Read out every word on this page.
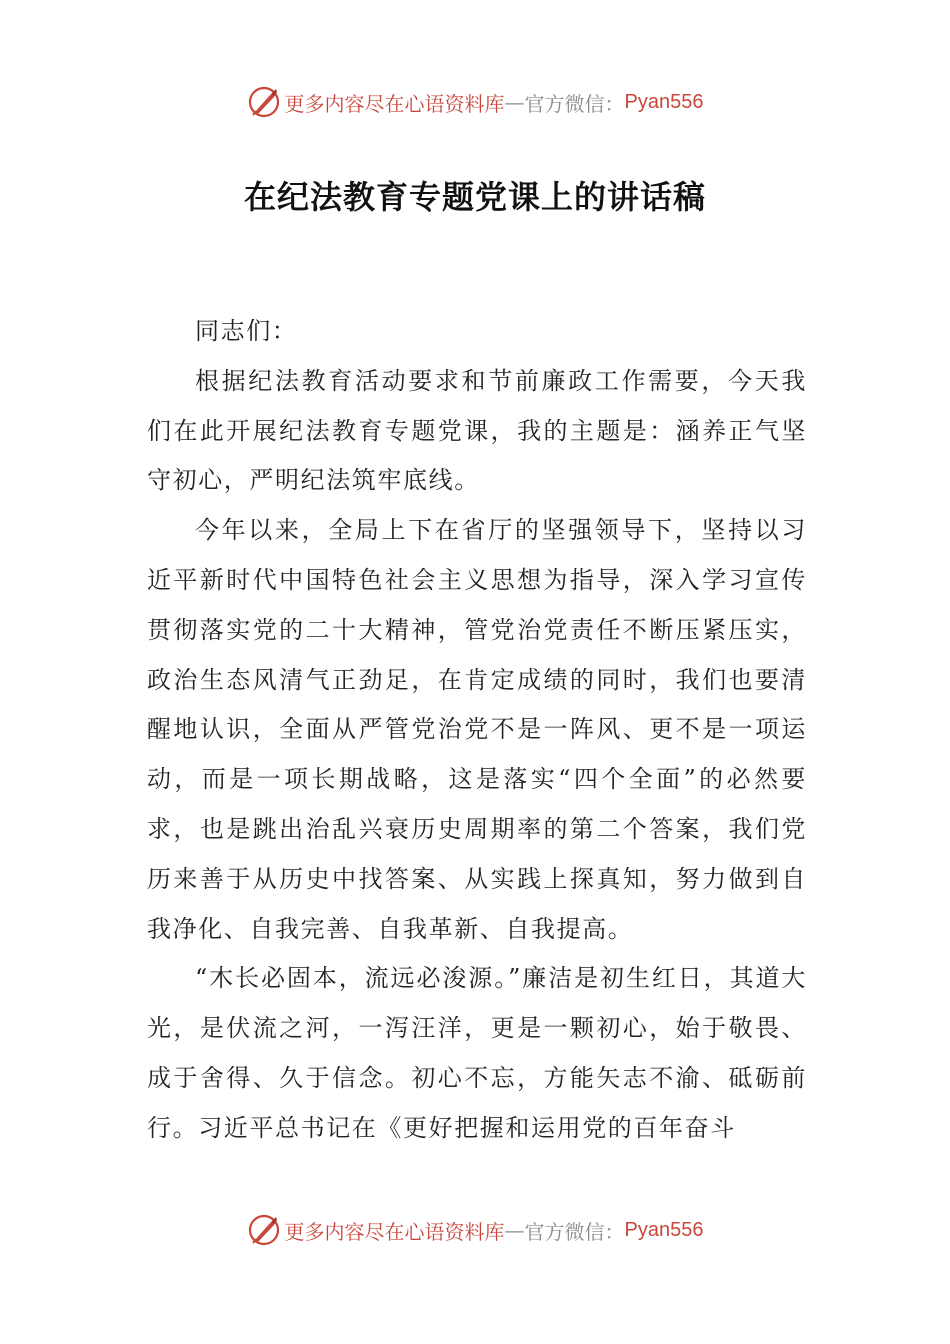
更多内容尽在心语资料库 — 官方微信： Pyan556
在纪法教育专题党课上的讲话稿

同志们：

根据纪法教育活动要求和节前廉政工作需要，今天我们在此开展纪法教育专题党课，我的主题是：涵养正气坚守初心，严明纪法筑牢底线。

今年以来，全局上下在省厅的坚强领导下，坚持以习近平新时代中国特色社会主义思想为指导，深入学习宣传贯彻落实党的二十大精神，管党治党责任不断压紧压实，政治生态风清气正劲足，在肯定成绩的同时，我们也要清醒地认识，全面从严管党治党不是一阵风、更不是一项运动，而是一项长期战略，这是落实“四个全面”的必然要求，也是跳出治乱兴衰历史周期率的第二个答案，我们党历来善于从历史中找答案、从实践上探真知，努力做到自我净化、自我完善、自我革新、自我提高。

“木长必固本，流远必浚源。”廉洁是初生红日，其道大光，是伏流之河，一泻汪洋，更是一颗初心，始于敬畏、成于舍得、久于信念。初心不忘，方能矢志不渝、砥砺前行。习近平总书记在《更好把握和运用党的百年奋斗

更多内容尽在心语资料库 — 官方微信： Pyan556
